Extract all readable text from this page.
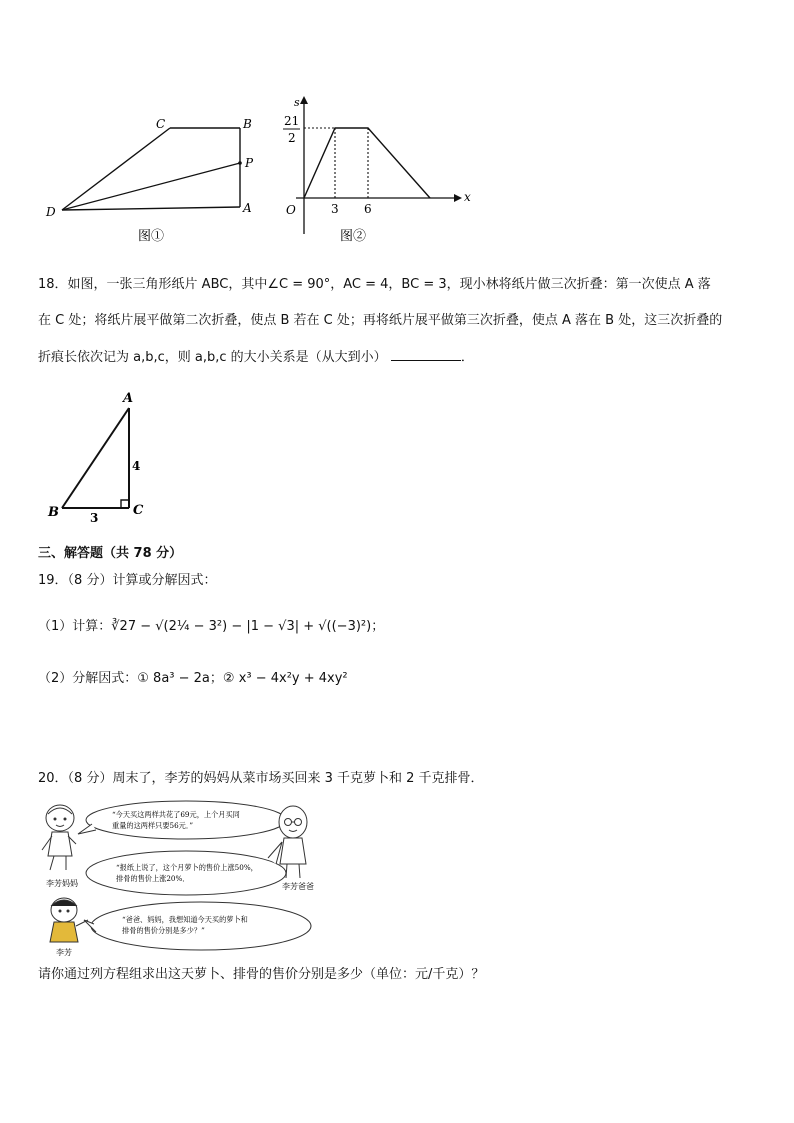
C	B
P
D	A
图①
s
21
2
O	3 6
x
图②
18．如图，一张三角形纸片 ABC，其中∠C = 90°，AC = 4，BC = 3，现小林将纸片做三次折叠：第一次使点 A 落
在 C 处；将纸片展平做第二次折叠，使点 B 若在 C 处；再将纸片展平做第三次折叠，使点 A 落在 B 处，这三次折叠的
折痕长依次记为 a,b,c，则 a,b,c 的大小关系是（从大到小）	．
A
B	C
4
3
三、解答题（共 78 分）
19．（8 分）计算或分解因式：
（1）计算：∛27 − √(2¼ − 3²) − |1 − √3| + √((−3)²)；
（2）分解因式：① 8a³ − 2a；② x³ − 4x²y + 4xy²
20．（8 分）周末了，李芳的妈妈从菜市场买回来 3 千克萝卜和 2 千克排骨．
李芳妈妈
“今天买这两样共花了69元，上个月买同
重量的这两样只要56元．”
“报纸上说了，这个月萝卜的售价上涨50%，
排骨的售价上涨20%．
李芳爸爸
李芳
“爸爸、妈妈，我想知道今天买的萝卜和
排骨的售价分别是多少？”
请你通过列方程组求出这天萝卜、排骨的售价分别是多少（单位：元/千克）？
